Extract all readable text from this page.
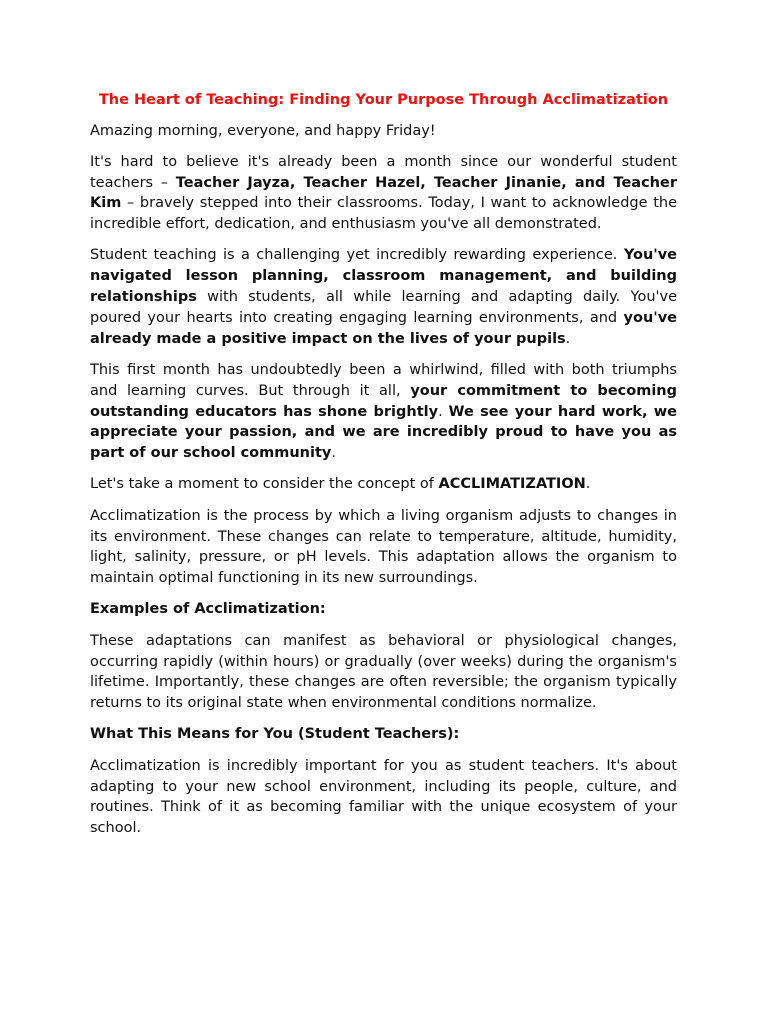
The Heart of Teaching: Finding Your Purpose Through Acclimatization

Amazing morning, everyone, and happy Friday!

It's hard to believe it's already been a month since our wonderful student teachers – Teacher Jayza, Teacher Hazel, Teacher Jinanie, and Teacher Kim – bravely stepped into their classrooms. Today, I want to acknowledge the incredible effort, dedication, and enthusiasm you've all demonstrated.

Student teaching is a challenging yet incredibly rewarding experience. You've navigated lesson planning, classroom management, and building relationships with students, all while learning and adapting daily. You've poured your hearts into creating engaging learning environments, and you've already made a positive impact on the lives of your pupils.

This first month has undoubtedly been a whirlwind, filled with both triumphs and learning curves. But through it all, your commitment to becoming outstanding educators has shone brightly. We see your hard work, we appreciate your passion, and we are incredibly proud to have you as part of our school community.

Let's take a moment to consider the concept of ACCLIMATIZATION.

Acclimatization is the process by which a living organism adjusts to changes in its environment. These changes can relate to temperature, altitude, humidity, light, salinity, pressure, or pH levels. This adaptation allows the organism to maintain optimal functioning in its new surroundings.

Examples of Acclimatization:

These adaptations can manifest as behavioral or physiological changes, occurring rapidly (within hours) or gradually (over weeks) during the organism's lifetime. Importantly, these changes are often reversible; the organism typically returns to its original state when environmental conditions normalize.

What This Means for You (Student Teachers):

Acclimatization is incredibly important for you as student teachers. It's about adapting to your new school environment, including its people, culture, and routines. Think of it as becoming familiar with the unique ecosystem of your school.
